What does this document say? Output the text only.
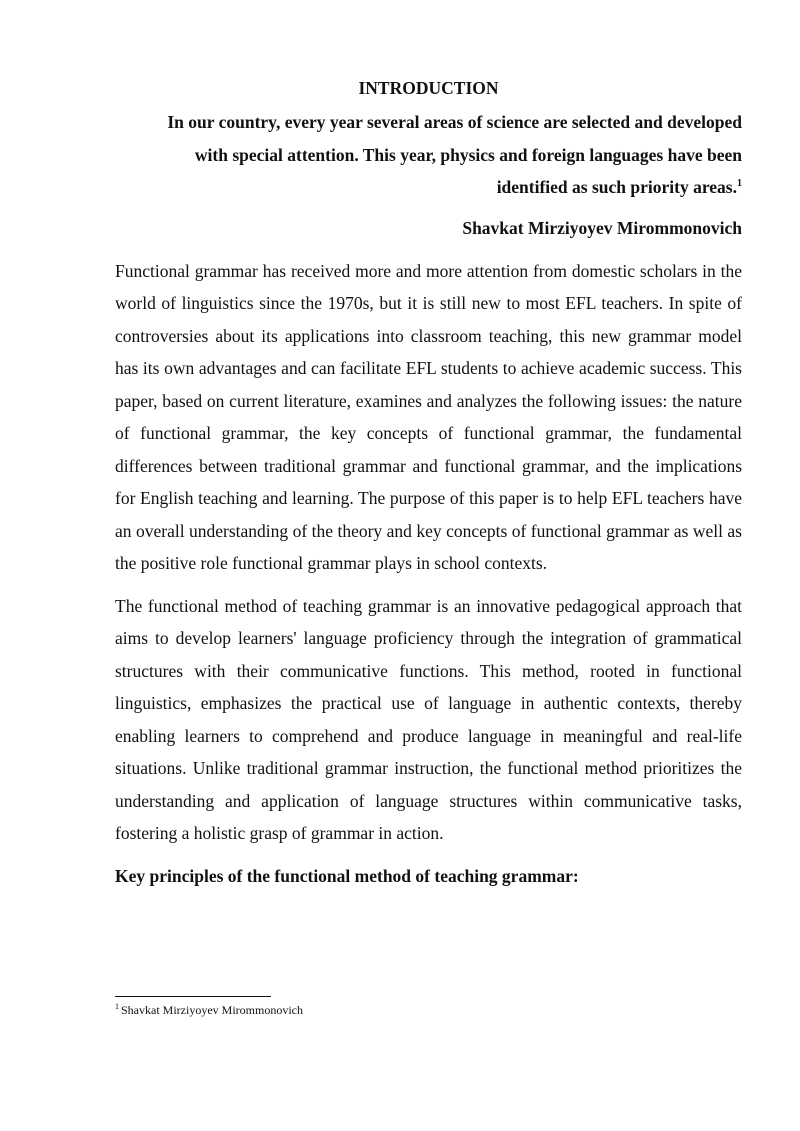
INTRODUCTION
In our country, every year several areas of science are selected and developed
with special attention. This year, physics and foreign languages have been
identified as such priority areas.$^1$
Shavkat Mirziyoyev Mirommonovich

Functional grammar has received more and more attention from domestic scholars in the world of linguistics since the 1970s, but it is still new to most EFL teachers. In spite of controversies about its applications into classroom teaching, this new grammar model has its own advantages and can facilitate EFL students to achieve academic success. This paper, based on current literature, examines and analyzes the following issues: the nature of functional grammar, the key concepts of functional grammar, the fundamental differences between traditional grammar and functional grammar, and the implications for English teaching and learning. The purpose of this paper is to help EFL teachers have an overall understanding of the theory and key concepts of functional grammar as well as the positive role functional grammar plays in school contexts.

The functional method of teaching grammar is an innovative pedagogical approach that aims to develop learners' language proficiency through the integration of grammatical structures with their communicative functions. This method, rooted in functional linguistics, emphasizes the practical use of language in authentic contexts, thereby enabling learners to comprehend and produce language in meaningful and real-life situations. Unlike traditional grammar instruction, the functional method prioritizes the understanding and application of language structures within communicative tasks, fostering a holistic grasp of grammar in action.

Key principles of the functional method of teaching grammar:
$^1$ Shavkat Mirziyoyev Mirommonovich
